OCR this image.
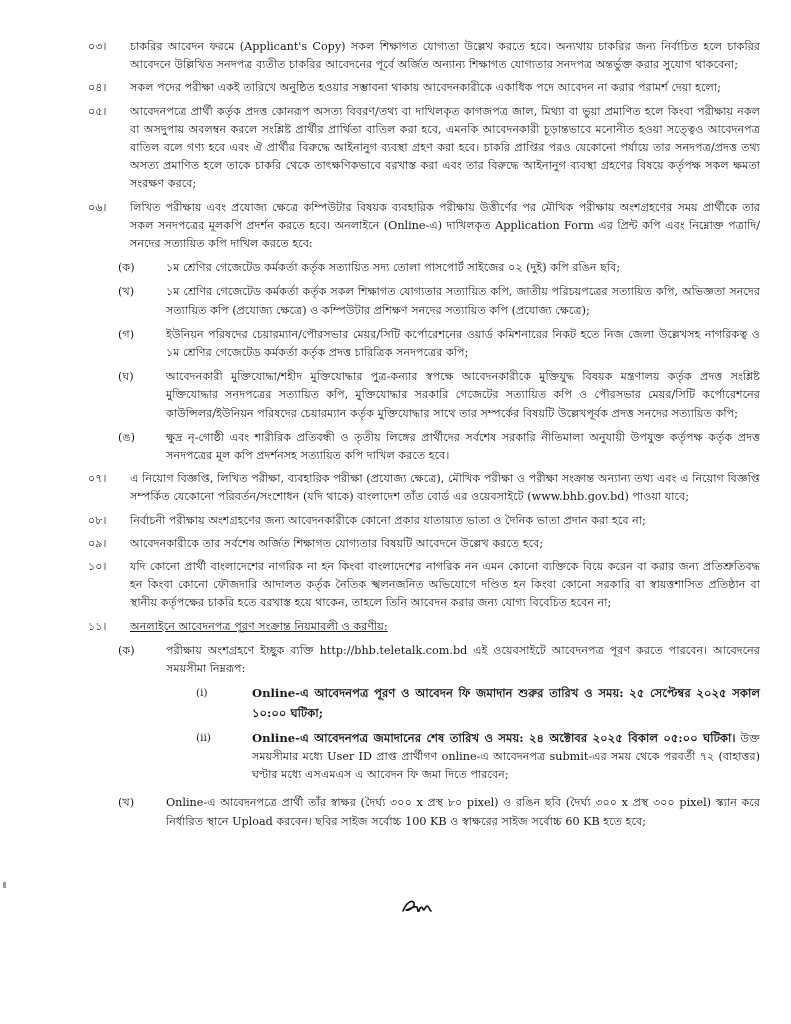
০৩।	চাকরির আবেদন ফরমে (Applicant's Copy) সকল শিক্ষাগত যোগ্যতা উল্লেখ করতে হবে। অন্যথায় চাকরির জন্য নির্বাচিত হলে চাকরির আবেদনে উল্লিখিত সনদপত্র ব্যতীত চাকরির আবেদনের পূর্বে অর্জিত অন্যান্য শিক্ষাগত যোগ্যতার সনদপত্র অন্তর্ভুক্ত করার সুযোগ থাকবেনা;
০৪।	সকল পদের পরীক্ষা একই তারিখে অনুষ্ঠিত হওয়ার সম্ভাবনা থাকায় আবেদনকারীকে একাধিক পদে আবেদন না করার পরামর্শ দেয়া হলো;
০৫।	আবেদনপত্রে প্রার্থী কর্তৃক প্রদত্ত কোনরূপ অসত্য বিবরণ/তথ্য বা দাখিলকৃত কাগজপত্র জাল, মিথ্যা বা ভুয়া প্রমাণিত হলে কিংবা পরীক্ষায় নকল বা অসদুপায় অবলম্বন করলে সংশ্লিষ্ট প্রার্থীর প্রার্থিতা বাতিল করা হবে, এমনকি আবেদনকারী চূড়ান্তভাবে মনোনীত হওয়া সত্ত্বেও আবেদনপত্র বাতিল বলে গণ্য হবে এবং ঐ প্রার্থীর বিরুদ্ধে আইনানুগ ব্যবস্থা গ্রহণ করা হবে। চাকরি প্রাপ্তির পরও যেকোনো পর্যায়ে তার সনদপত্র/প্রদত্ত তথ্য অসত্য প্রমাণিত হলে তাকে চাকরি থেকে তাৎক্ষণিকভাবে বরখাস্ত করা এবং তার বিরুদ্ধে আইনানুগ ব্যবস্থা গ্রহণের বিষয়ে কর্তৃপক্ষ সকল ক্ষমতা সংরক্ষণ করবে;
০৬।	লিখিত পরীক্ষায় এবং প্রযোজ্য ক্ষেত্রে কম্পিউটার বিষয়ক ব্যবহারিক পরীক্ষায় উত্তীর্ণের পর মৌখিক পরীক্ষায় অংশগ্রহণের সময় প্রার্থীকে তার সকল সনদপত্রের মূলকপি প্রদর্শন করতে হবে। অনলাইনে (Online-এ) দাখিলকৃত Application Form এর প্রিন্ট কপি এবং নিম্নোক্ত পত্রাদি/সনদের সত্যায়িত কপি দাখিল করতে হবে:
(ক)	১ম শ্রেণির গেজেটেড কর্মকর্তা কর্তৃক সত্যায়িত সদ্য তোলা পাসপোর্ট সাইজের ০২ (দুই) কপি রঙিন ছবি;
(খ)	১ম শ্রেণির গেজেটেড কর্মকর্তা কর্তৃক সকল শিক্ষাগত যোগ্যতার সত্যায়িত কপি, জাতীয় পরিচয়পত্রের সত্যায়িত কপি, অভিজ্ঞতা সনদের সত্যায়িত কপি (প্রযোজ্য ক্ষেত্রে) ও কম্পিউটার প্রশিক্ষণ সনদের সত্যায়িত কপি (প্রযোজ্য ক্ষেত্রে);
(গ)	ইউনিয়ন পরিষদের চেয়ারম্যান/পৌরসভার মেয়র/সিটি কর্পোরেশনের ওয়ার্ড কমিশনারের নিকট হতে নিজ জেলা উল্লেখসহ নাগরিকত্ব ও ১ম শ্রেণির গেজেটেড কর্মকর্তা কর্তৃক প্রদত্ত চারিত্রিক সনদপত্রের কপি;
(ঘ)	আবেদনকারী মুক্তিযোদ্ধা/শহীদ মুক্তিযোদ্ধার পুত্র-কন্যার স্বপক্ষে আবেদনকারীকে মুক্তিযুদ্ধ বিষয়ক মন্ত্রণালয় কর্তৃক প্রদত্ত সংশ্লিষ্ট মুক্তিযোদ্ধার সনদপত্রের সত্যায়িত কপি, মুক্তিযোদ্ধার সরকারি গেজেটের সত্যায়িত কপি ও পৌরসভার মেয়র/সিটি কর্পোরেশনের কাউন্সিলর/ইউনিয়ন পরিষদের চেয়ারম্যান কর্তৃক মুক্তিযোদ্ধার সাথে তার সম্পর্কের বিষয়টি উল্লেখপূর্বক প্রদত্ত সনদের সত্যায়িত কপি;
(ঙ)	ক্ষুদ্র নৃ-গোষ্ঠী এবং শারীরিক প্রতিবন্ধী ও তৃতীয় লিঙ্গের প্রার্থীদের সর্বশেষ সরকারি নীতিমালা অনুযায়ী উপযুক্ত কর্তৃপক্ষ কর্তৃক প্রদত্ত সনদপত্রের মূল কপি প্রদর্শনসহ সত্যায়িত কপি দাখিল করতে হবে।
০৭।	এ নিয়োগ বিজ্ঞপ্তি, লিখিত পরীক্ষা, ব্যবহারিক পরীক্ষা (প্রযোজ্য ক্ষেত্রে), মৌখিক পরীক্ষা ও পরীক্ষা সংক্রান্ত অন্যান্য তথ্য এবং এ নিয়োগ বিজ্ঞপ্তি সম্পর্কিত যেকোনো পরিবর্তন/সংশোধন (যদি থাকে) বাংলাদেশ তাঁত বোর্ড এর ওয়েবসাইটে (www.bhb.gov.bd) পাওয়া যাবে;
০৮।	নির্বাচনী পরীক্ষায় অংশগ্রহণের জন্য আবেদনকারীকে কোনো প্রকার যাতায়াত ভাতা ও দৈনিক ভাতা প্রদান করা হবে না;
০৯।	আবেদনকারীকে তার সর্বশেষ অর্জিত শিক্ষাগত যোগ্যতার বিষয়টি আবেদনে উল্লেখ করতে হবে;
১০।	যদি কোনো প্রার্থী বাংলাদেশের নাগরিক না হন কিংবা বাংলাদেশের নাগরিক নন এমন কোনো ব্যক্তিকে বিয়ে করেন বা করার জন্য প্রতিশ্রুতিবদ্ধ হন কিংবা কোনো ফৌজদারি আদালত কর্তৃক নৈতিক স্খলনজনিত অভিযোগে দণ্ডিত হন কিংবা কোনো সরকারি বা স্বায়ত্তশাসিত প্রতিষ্ঠান বা স্থানীয় কর্তৃপক্ষের চাকরি হতে বরখাস্ত হয়ে থাকেন, তাহলে তিনি আবেদন করার জন্য যোগ্য বিবেচিত হবেন না;
১১।	অনলাইনে আবেদনপত্র পূরণ সংক্রান্ত নিয়মাবলী ও করণীয়:
(ক)	পরীক্ষায় অংশগ্রহণে ইচ্ছুক ব্যক্তি http://bhb.teletalk.com.bd এই ওয়েবসাইটে আবেদনপত্র পূরণ করতে পারবেন। আবেদনের সময়সীমা নিম্নরূপ:
(i)	Online-এ আবেদনপত্র পূরণ ও আবেদন ফি জমাদান শুরুর তারিখ ও সময়: ২৫ সেপ্টেম্বর ২০২৫ সকাল ১০:০০ ঘটিকা;
(ii)	Online-এ আবেদনপত্র জমাদানের শেষ তারিখ ও সময়: ২৪ অক্টোবর ২০২৫ বিকাল ০৫:০০ ঘটিকা। উক্ত সময়সীমার মধ্যে User ID প্রাপ্ত প্রার্থীগণ online-এ আবেদনপত্র submit-এর সময় থেকে পরবর্তী ৭২ (বাহাত্তর) ঘণ্টার মধ্যে এসএমএস এ আবেদন ফি জমা দিতে পারবেন;
(খ)	Online-এ আবেদনপত্রে প্রার্থী তাঁর স্বাক্ষর (দৈর্ঘ্য ৩০০ x প্রস্থ ৮০ pixel) ও রঙিন ছবি (দৈর্ঘ্য ৩০০ x প্রস্থ ৩০০ pixel) স্ক্যান করে নির্ধারিত স্থানে Upload করবেন। ছবির সাইজ সর্বোচ্চ 100 KB ও স্বাক্ষরের সাইজ সর্বোচ্চ 60 KB হতে হবে;
